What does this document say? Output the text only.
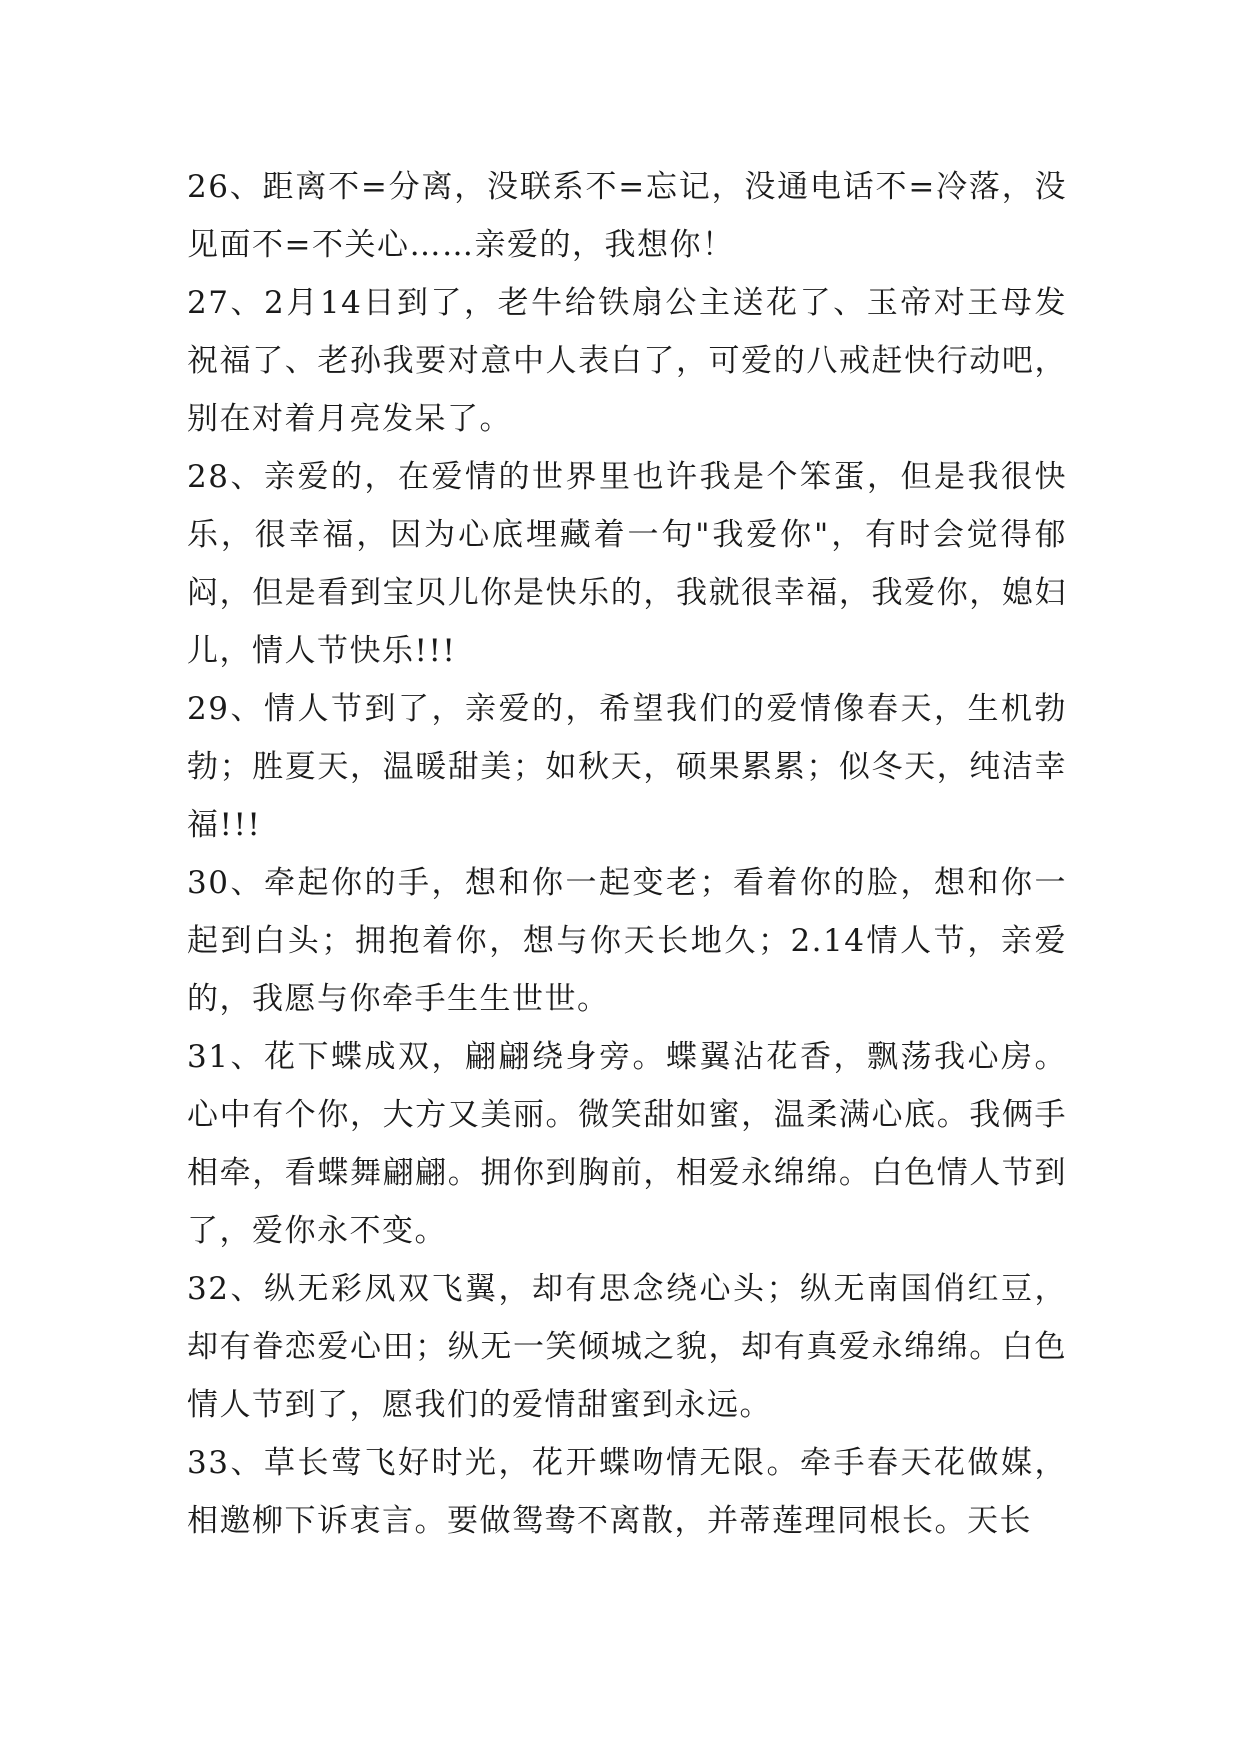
26、距离不=分离，没联系不=忘记，没通电话不=冷落，没见面不=不关心……亲爱的，我想你！

27、2月14日到了，老牛给铁扇公主送花了、玉帝对王母发祝福了、老孙我要对意中人表白了，可爱的八戒赶快行动吧，别在对着月亮发呆了。

28、亲爱的，在爱情的世界里也许我是个笨蛋，但是我很快乐，很幸福，因为心底埋藏着一句"我爱你"，有时会觉得郁闷，但是看到宝贝儿你是快乐的，我就很幸福，我爱你，媳妇儿，情人节快乐!!!

29、情人节到了，亲爱的，希望我们的爱情像春天，生机勃勃；胜夏天，温暖甜美；如秋天，硕果累累；似冬天，纯洁幸福!!!

30、牵起你的手，想和你一起变老；看着你的脸，想和你一起到白头；拥抱着你，想与你天长地久；2.14情人节，亲爱的，我愿与你牵手生生世世。

31、花下蝶成双，翩翩绕身旁。蝶翼沾花香，飘荡我心房。心中有个你，大方又美丽。微笑甜如蜜，温柔满心底。我俩手相牵，看蝶舞翩翩。拥你到胸前，相爱永绵绵。白色情人节到了，爱你永不变。

32、纵无彩凤双飞翼，却有思念绕心头；纵无南国俏红豆，却有眷恋爱心田；纵无一笑倾城之貌，却有真爱永绵绵。白色情人节到了，愿我们的爱情甜蜜到永远。

33、草长莺飞好时光，花开蝶吻情无限。牵手春天花做媒，相邀柳下诉衷言。要做鸳鸯不离散，并蒂莲理同根长。天长
